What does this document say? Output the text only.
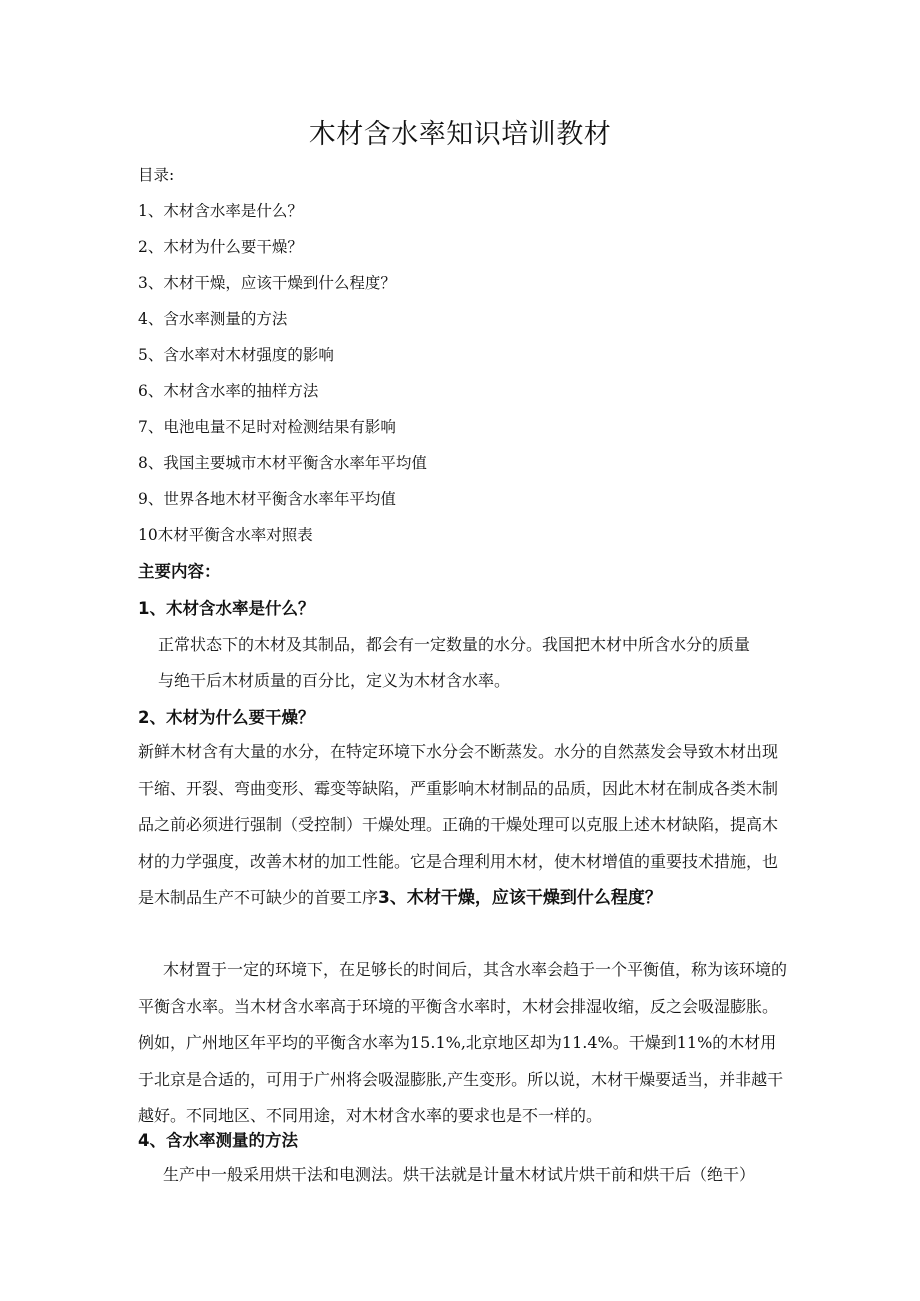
木材含水率知识培训教材
目录:
1、木材含水率是什么？
2、木材为什么要干燥？
3、木材干燥，应该干燥到什么程度？
4、含水率测量的方法
5、含水率对木材强度的影响
6、木材含水率的抽样方法
7、电池电量不足时对检测结果有影响
8、我国主要城市木材平衡含水率年平均值
9、世界各地木材平衡含水率年平均值
10木材平衡含水率对照表
主要内容：
1、木材含水率是什么？
正常状态下的木材及其制品，都会有一定数量的水分。我国把木材中所含水分的质量
与绝干后木材质量的百分比，定义为木材含水率。
2、木材为什么要干燥？

新鲜木材含有大量的水分，在特定环境下水分会不断蒸发。水分的自然蒸发会导致木材出现干缩、开裂、弯曲变形、霉变等缺陷，严重影响木材制品的品质，因此木材在制成各类木制品之前必须进行强制（受控制）干燥处理。正确的干燥处理可以克服上述木材缺陷，提高木材的力学强度，改善木材的加工性能。它是合理利用木材，使木材增值的重要技术措施，也是木制品生产不可缺少的首要工序3、木材干燥，应该干燥到什么程度？

木材置于一定的环境下，在足够长的时间后，其含水率会趋于一个平衡值，称为该环境的平衡含水率。当木材含水率高于环境的平衡含水率时，木材会排湿收缩，反之会吸湿膨胀。例如，广州地区年平均的平衡含水率为15.1%,北京地区却为11.4%。干燥到11%的木材用于北京是合适的，可用于广州将会吸湿膨胀,产生变形。所以说，木材干燥要适当，并非越干越好。不同地区、不同用途，对木材含水率的要求也是不一样的。

4、含水率测量的方法
生产中一般采用烘干法和电测法。烘干法就是计量木材试片烘干前和烘干后（绝干）
